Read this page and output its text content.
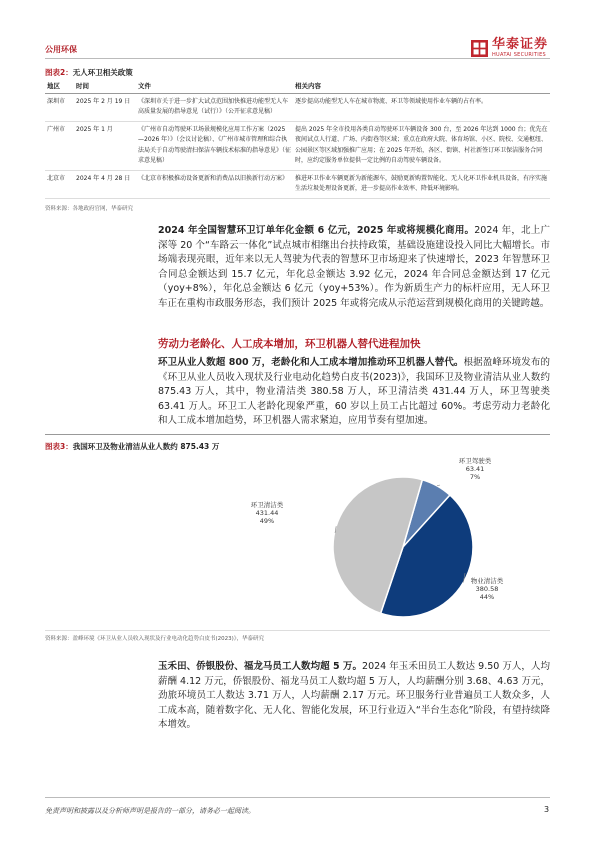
公用环保	华泰证券
HUATAI SECURITIES
图表2：无人环卫相关政策
地区	时间	文件	相关内容
深圳市	2025 年 2 月 19 日	《深圳市关于进一步扩大试点范围加快推进功能型无人车高质量发展的指导意见（试行）》（公开征求意见稿）	逐步提高功能型无人车在城市物流、环卫等领域使用作业车辆的占有率。
广州市	2025 年 1 月	《广州市自动驾驶环卫场景规模化应用工作方案（2025—2026 年）》（会议讨论稿）、《广州市城市管理和综合执法局关于自动驾驶清扫保洁车辆技术标准的指导意见》（征求意见稿）	提出 2025 年全市投用各类自动驾驶环卫车辆设备 300 台，至 2026 年达到 1000 台；优先在夜间试点人行道、广场、内街巷等区域；重点在政府大院、体育场馆、小区、院校、交通枢纽、公园景区等区域加强推广应用；在 2025 年开始，各区、街镇、村社新签订环卫保洁服务合同时，应约定服务单位提供一定比例的自动驾驶车辆设备。
北京市	2024 年 4 月 28 日	《北京市积极推动设备更新和消费品以旧换新行动方案》	推进环卫作业车辆更新为新能源车，鼓励更新购置智能化、无人化环卫作业机具设备，有序实施生活垃圾处理设备更新，进一步提高作业效率、降低环境影响。
资料来源：各地政府官网，华泰研究
2024 年全国智慧环卫订单年化金额 6 亿元，2025 年或将规模化商用。2024 年，北上广深等 20 个“车路云一体化”试点城市相继出台扶持政策，基础设施建设投入同比大幅增长。市场端表现亮眼，近年来以无人驾驶为代表的智慧环卫市场迎来了快速增长，2023 年智慧环卫合同总金额达到 15.7 亿元，年化总金额达 3.92 亿元，2024 年合同总金额达到 17 亿元（yoy+8%），年化总金额达 6 亿元（yoy+53%）。作为新质生产力的标杆应用，无人环卫车正在重构市政服务形态，我们预计 2025 年或将完成从示范运营到规模化商用的关键跨越。
劳动力老龄化、人工成本增加，环卫机器人替代进程加快
环卫从业人数超 800 万，老龄化和人工成本增加推动环卫机器人替代。根据盈峰环境发布的《环卫从业人员收入现状及行业电动化趋势白皮书(2023)》，我国环卫及物业清洁从业人数约 875.43 万人，其中，物业清洁类 380.58 万人，环卫清洁类 431.44 万人，环卫驾驶类 63.41 万人。环卫工人老龄化现象严重，60 岁以上员工占比超过 60%。考虑劳动力老龄化和人工成本增加趋势，环卫机器人需求紧迫，应用节奏有望加速。
图表3：我国环卫及物业清洁从业人数约 875.43 万
环卫驾驶类 63.41 7%
物业清洁类 380.58 44%
环卫清洁类 431.44 49%
资料来源：盈峰环境《环卫从业人员收入现状及行业电动化趋势白皮书(2023)》，华泰研究
玉禾田、侨银股份、福龙马员工人数均超 5 万。2024 年玉禾田员工人数达 9.50 万人，人均薪酬 4.12 万元，侨银股份、福龙马员工人数均超 5 万人，人均薪酬分别 3.68、4.63 万元，劲旅环境员工人数达 3.71 万人，人均薪酬 2.17 万元。环卫服务行业普遍员工人数众多，人工成本高，随着数字化、无人化、智能化发展，环卫行业迈入“半台生态化”阶段，有望持续降本增效。
免责声明和披露以及分析师声明是报告的一部分，请务必一起阅读。	3
